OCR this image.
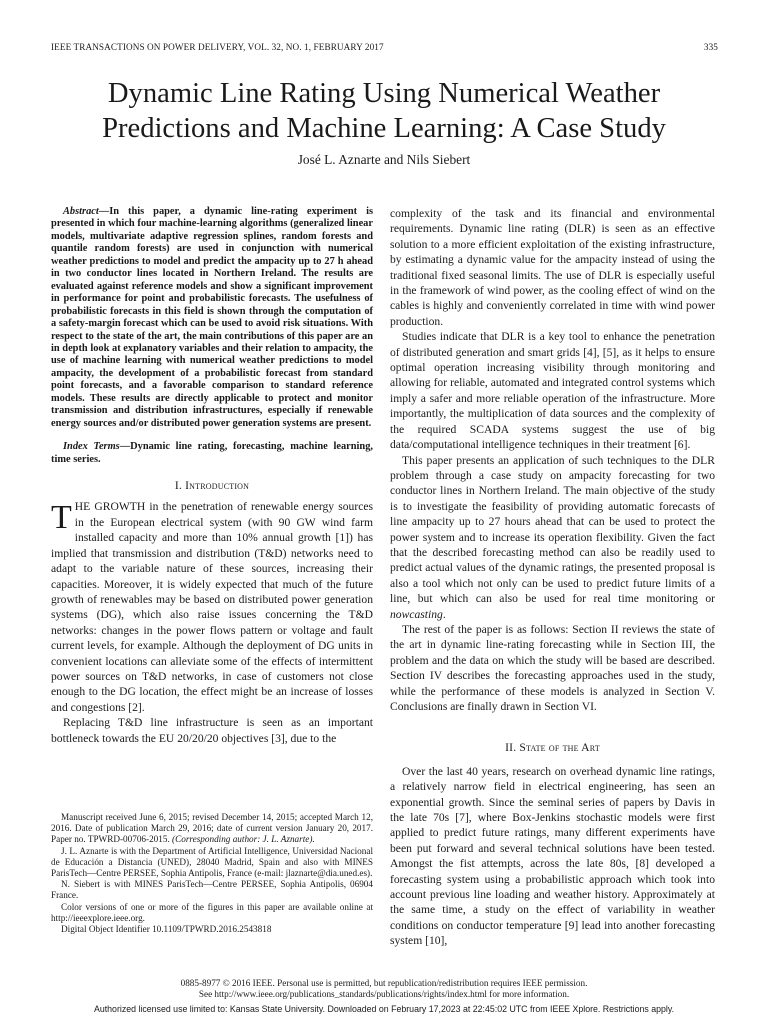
IEEE TRANSACTIONS ON POWER DELIVERY, VOL. 32, NO. 1, FEBRUARY 2017	335
Dynamic Line Rating Using Numerical Weather
Predictions and Machine Learning: A Case Study
José L. Aznarte and Nils Siebert

Abstract—In this paper, a dynamic line-rating experiment is presented in which four machine-learning algorithms (generalized linear models, multivariate adaptive regression splines, random forests and quantile random forests) are used in conjunction with numerical weather predictions to model and predict the ampacity up to 27 h ahead in two conductor lines located in Northern Ireland. The results are evaluated against reference models and show a significant improvement in performance for point and probabilistic forecasts. The usefulness of probabilistic forecasts in this field is shown through the computation of a safety-margin forecast which can be used to avoid risk situations. With respect to the state of the art, the main contributions of this paper are an in depth look at explanatory variables and their relation to ampacity, the use of machine learning with numerical weather predictions to model ampacity, the development of a probabilistic forecast from standard point forecasts, and a favorable comparison to standard reference models. These results are directly applicable to protect and monitor transmission and distribution infrastructures, especially if renewable energy sources and/or distributed power generation systems are present.

Index Terms—Dynamic line rating, forecasting, machine learning, time series.

I. Introduction

THE GROWTH in the penetration of renewable energy sources in the European electrical system (with 90 GW wind farm installed capacity and more than 10% annual growth [1]) has implied that transmission and distribution (T&D) networks need to adapt to the variable nature of these sources, increasing their capacities. Moreover, it is widely expected that much of the future growth of renewables may be based on distributed power generation systems (DG), which also raise issues concerning the T&D networks: changes in the power flows pattern or voltage and fault current levels, for example. Although the deployment of DG units in convenient locations can alleviate some of the effects of intermittent power sources on T&D networks, in case of customers not close enough to the DG location, the effect might be an increase of losses and congestions [2].

Replacing T&D line infrastructure is seen as an important bottleneck towards the EU 20/20/20 objectives [3], due to the

Manuscript received June 6, 2015; revised December 14, 2015; accepted March 12, 2016. Date of publication March 29, 2016; date of current version January 20, 2017. Paper no. TPWRD-00706-2015. (Corresponding author: J. L. Aznarte).

J. L. Aznarte is with the Department of Artificial Intelligence, Universidad Nacional de Educación a Distancia (UNED), 28040 Madrid, Spain and also with MINES ParisTech—Centre PERSEE, Sophia Antipolis, France (e-mail: jlaznarte@dia.uned.es).

N. Siebert is with MINES ParisTech—Centre PERSEE, Sophia Antipolis, 06904 France.

Color versions of one or more of the figures in this paper are available online at http://ieeexplore.ieee.org.

Digital Object Identifier 10.1109/TPWRD.2016.2543818

complexity of the task and its financial and environmental requirements. Dynamic line rating (DLR) is seen as an effective solution to a more efficient exploitation of the existing infrastructure, by estimating a dynamic value for the ampacity instead of using the traditional fixed seasonal limits. The use of DLR is especially useful in the framework of wind power, as the cooling effect of wind on the cables is highly and conveniently correlated in time with wind power production.

Studies indicate that DLR is a key tool to enhance the penetration of distributed generation and smart grids [4], [5], as it helps to ensure optimal operation increasing visibility through monitoring and allowing for reliable, automated and integrated control systems which imply a safer and more reliable operation of the infrastructure. More importantly, the multiplication of data sources and the complexity of the required SCADA systems suggest the use of big data/computational intelligence techniques in their treatment [6].

This paper presents an application of such techniques to the DLR problem through a case study on ampacity forecasting for two conductor lines in Northern Ireland. The main objective of the study is to investigate the feasibility of providing automatic forecasts of line ampacity up to 27 hours ahead that can be used to protect the power system and to increase its operation flexibility. Given the fact that the described forecasting method can also be readily used to predict actual values of the dynamic ratings, the presented proposal is also a tool which not only can be used to predict future limits of a line, but which can also be used for real time monitoring or nowcasting.

The rest of the paper is as follows: Section II reviews the state of the art in dynamic line-rating forecasting while in Section III, the problem and the data on which the study will be based are described. Section IV describes the forecasting approaches used in the study, while the performance of these models is analyzed in Section V. Conclusions are finally drawn in Section VI.

II. State of the Art

Over the last 40 years, research on overhead dynamic line ratings, a relatively narrow field in electrical engineering, has seen an exponential growth. Since the seminal series of papers by Davis in the late 70s [7], where Box-Jenkins stochastic models were first applied to predict future ratings, many different experiments have been put forward and several technical solutions have been tested. Amongst the fist attempts, across the late 80s, [8] developed a forecasting system using a probabilistic approach which took into account previous line loading and weather history. Approximately at the same time, a study on the effect of variability in weather conditions on conductor temperature [9] lead into another forecasting system [10],

0885-8977 © 2016 IEEE. Personal use is permitted, but republication/redistribution requires IEEE permission.
See http://www.ieee.org/publications_standards/publications/rights/index.html for more information.
Authorized licensed use limited to: Kansas State University. Downloaded on February 17,2023 at 22:45:02 UTC from IEEE Xplore. Restrictions apply.
